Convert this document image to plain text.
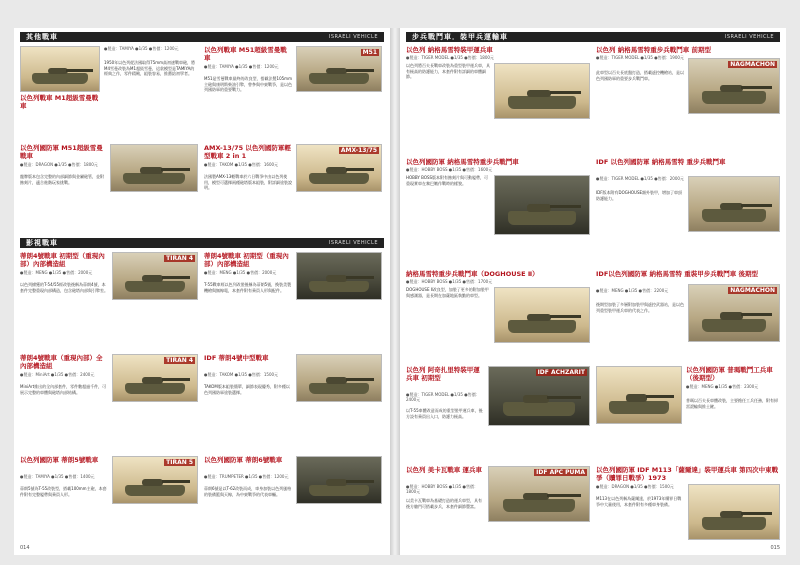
其他戰車	ISRAELI VEHICLE
以色列戰車 M1超級雪曼戰車
●製造：TAMIYA ●1/35 ●售價：1200元
1950年以色列從法國取得75mm高初速戰車砲，將M4雪曼改裝為M1超級雪曼，這款模型是TAMIYA的經典之作，零件精緻，組裝容易，推薦給初學者。
M51
以色列戰車 M51超級雪曼戰車
●製造：TAMIYA ●1/35 ●售價：1200元
M51是雪曼戰車最終的改良型，搭載法製105mm主砲與康明斯柴油引擎，曾參與中東戰爭，是以色列國防軍的重要戰力。
以色列國防軍 M51超級雪曼戰車
●製造：DRAGON ●1/35 ●售價：1800元
龍牌版本包含完整的內部細節與金屬砲管，並附蝕刻片，適合進階玩家挑戰。
AMX-13/75
AMX-13/75 以色列國防軍輕型戰車 2 in 1
●製造：TAKOM ●1/35 ●售價：1600元
法國製AMX-13輕戰車於六日戰爭中由以色列使用，模型可選擇兩種砲塔版本組裝，附詳細塗裝說明。
影視戰車	ISRAELI VEHICLE
TIRAN 4
蒂朗4號戰車 初期型（重現內部）內部構造組
●製造：MENG ●1/35 ●售價：2000元
以色列擄獲的T-54/55經改裝後稱為蒂朗4號，本套件完整重現內部構造，包含砲塔內部與引擎室。
蒂朗4號戰車 初期型（重現內部）內部構造組
●製造：MENG ●1/35 ●售價：2000元
T-55戰車經以色列改裝後稱為蒂朗5號，換裝美製機槍與無線電，本套件附有乘員人形與配件。
TIRAN 4
蒂朗4號戰車（重現內部）全內部構造組
●製造：MiniArt ●1/35 ●售價：2400元
MiniArt推出的全內部套件，零件數超過千件，可展示完整的車體與砲塔內部結構。
IDF 蒂朗4號中型戰車
●製造：TAKOM ●1/35 ●售價：1500元
TAKOM版本組裝簡單，細節表現優秀，附多種以色列國防軍塗裝選擇。
TIRAN 5
以色列國防軍 蒂朗5號戰車
●製造：TAMIYA ●1/35 ●售價：1400元
蒂朗5號為T-55改裝型，搭載100mm主砲，本套件附有完整履帶與乘員人形。
以色列國防軍 蒂朗6號戰車
●製造：TRUMPETER ●1/35 ●售價：1200元
蒂朗6號是以T-62改裝而成，車身加裝以色列風格的裝備籃與天線，為中東戰爭的代表車輛。
014
步兵戰鬥車．裝甲兵運輸車	ISRAELI VEHICLE
以色列 納格馬雪特裝甲運兵車
●製造：TIGER MODEL ●1/35 ●售價：1800元
以色列將百夫長戰車改裝為重型裝甲運兵車，具有極高的防護能力，本套件附有詳細的車體細節。
以色列 納格馬雪特重步兵戰鬥車 前期型
●製造：TIGER MODEL ●1/35 ●售價：1900元
此車型以百夫長底盤打造，搭載遙控機槍站，是以色列國防軍的重要步兵戰鬥車。
NAGMACHON
以色列國防軍 納格馬雪特重步兵戰鬥車
●製造：HOBBY BOSS ●1/35 ●售價：1600元
HOBBY BOSS版本附有蝕刻片與可動履帶，可重現實車在黎巴嫩作戰時的樣貌。
IDF 以色列國防軍 納格馬雪特 重步兵戰鬥車
●製造：TIGER MODEL ●1/35 ●售價：2000元
IDF版本附有DOGHOUSE額外裝甲，增加了車頂防護能力。
納格馬雪特重步兵戰鬥車（DOGHOUSE Ⅱ）
●製造：HOBBY BOSS ●1/35 ●售價：1700元
DOGHOUSE Ⅱ改良型，加裝了更多的附加裝甲與感測器，是長期在加薩地區執勤的車型。
IDF以色列國防軍 納格馬雪特 重裝甲步兵戰鬥車 後期型
●製造：MENG ●1/35 ●售價：2200元
後期型加裝了多層附加裝甲與遙控武器站，是以色列重型裝甲運兵車的代表之作。
NAGMACHON
以色列 阿奇扎里特裝甲運兵車 初期型
●製造：TIGER MODEL ●1/35 ●售價：2400元
以T-55車體改造而成的重型裝甲運兵車，後方設有乘員出入口，防護力極高。
IDF ACHZARIT	以色列國防軍 普瑪戰鬥工兵車（後期型）
●製造：MENG ●1/35 ●售價：2300元
普瑪以百夫長車體改裝，主要擔任工兵任務，附有掃雷滾輪與推土鏟。
以色列 美卡瓦戰車 運兵車
●製造：HOBBY BOSS ●1/35 ●售價：1800元
以美卡瓦戰車為基礎打造的運兵車型，具有後方艙門可搭載步兵，本套件細節豐富。
IDF APC PUMA	以色列國防軍 IDF M113「薩爾達」裝甲運兵車 第四次中東戰爭（贖罪日戰爭）1973
●製造：DRAGON ●1/35 ●售價：1500元
M113在以色列稱為薩爾達，於1973年贖罪日戰爭中大量使用，本套件附有多種車身裝備。
015
